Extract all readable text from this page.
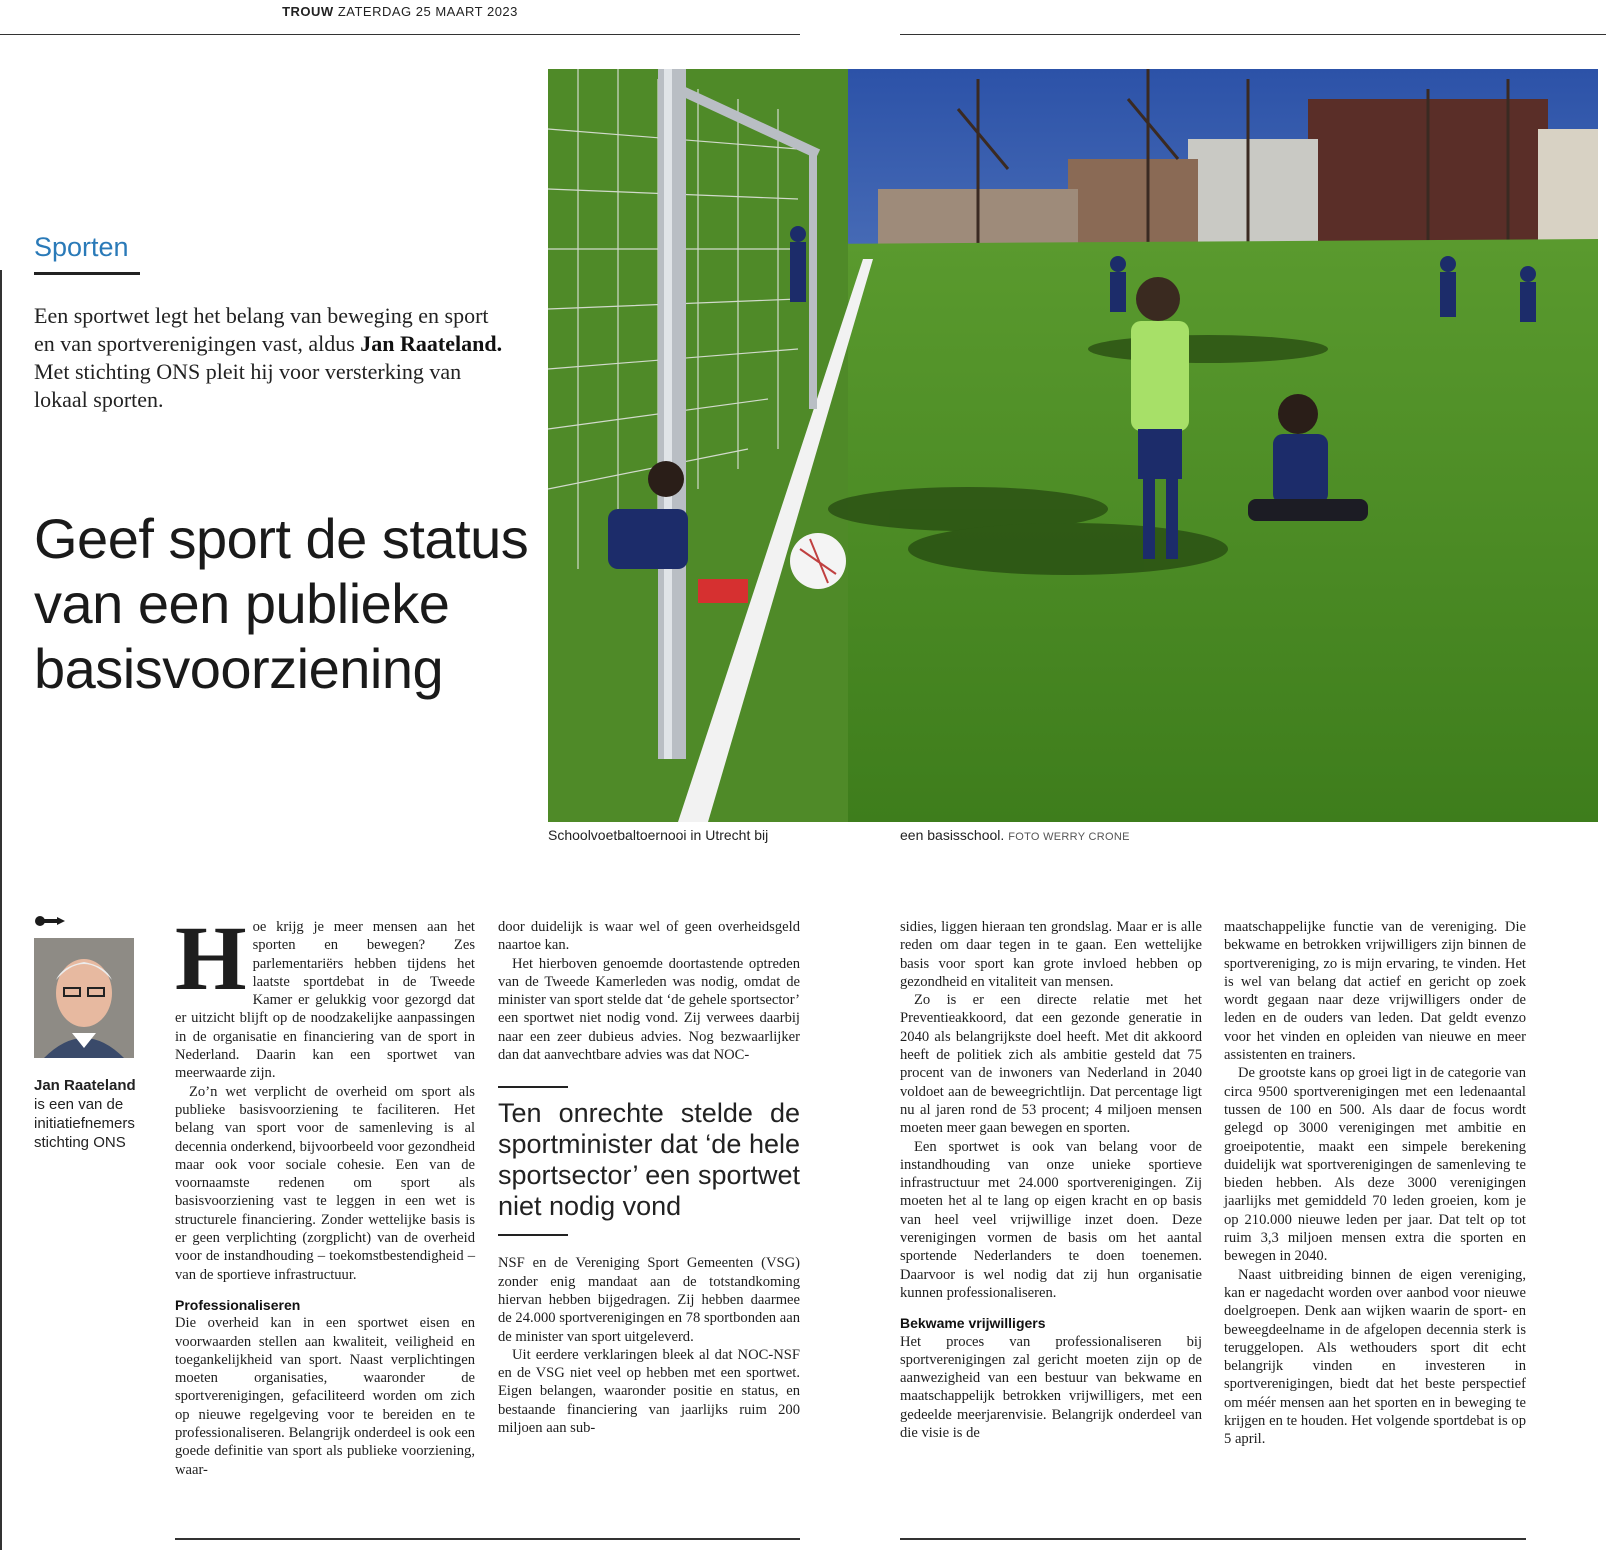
TROUW ZATERDAG 25 MAART 2023
Sporten
Een sportwet legt het belang van beweging en sport en van sportverenigingen vast, aldus Jan Raateland. Met stichting ONS pleit hij voor versterking van lokaal sporten.
Geef sport de status van een publieke basisvoorziening
Schoolvoetbaltoernooi in Utrecht bij	een basisschool. FOTO WERRY CRONE
Jan Raateland
is een van de initiatiefnemers stichting ONS

Hoe krijg je meer mensen aan het sporten en bewegen? Zes parlementariërs hebben tijdens het laatste sportdebat in de Tweede Kamer er gelukkig voor gezorgd dat er uitzicht blijft op de noodzakelijke aanpassingen in de organisatie en financiering van de sport in Nederland. Daarin kan een sportwet van meerwaarde zijn.

Zo’n wet verplicht de overheid om sport als publieke basisvoorziening te faciliteren. Het belang van sport voor de samenleving is al decennia onderkend, bijvoorbeeld voor gezondheid maar ook voor sociale cohesie. Een van de voornaamste redenen om sport als basisvoorziening vast te leggen in een wet is structurele financiering. Zonder wettelijke basis is er geen verplichting (zorgplicht) van de overheid voor de instandhouding – toekomstbestendigheid – van de sportieve infrastructuur.

Professionaliseren

Die overheid kan in een sportwet eisen en voorwaarden stellen aan kwaliteit, veiligheid en toegankelijkheid van sport. Naast verplichtingen moeten organisaties, waaronder de sportverenigingen, gefaciliteerd worden om zich op nieuwe regelgeving voor te bereiden en te professionaliseren. Belangrijk onderdeel is ook een goede definitie van sport als publieke voorziening, waar-

door duidelijk is waar wel of geen overheidsgeld naartoe kan.

Het hierboven genoemde doortastende optreden van de Tweede Kamerleden was nodig, omdat de minister van sport stelde dat ‘de gehele sportsector’ een sportwet niet nodig vond. Zij verwees daarbij naar een zeer dubieus advies. Nog bezwaarlijker dan dat aanvechtbare advies was dat NOC-

Ten onrechte stelde de sportminister dat ‘de hele sportsector’ een sportwet niet nodig vond

NSF en de Vereniging Sport Gemeenten (VSG) zonder enig mandaat aan de totstandkoming hiervan hebben bijgedragen. Zij hebben daarmee de 24.000 sportverenigingen en 78 sportbonden aan de minister van sport uitgeleverd.

Uit eerdere verklaringen bleek al dat NOC-NSF en de VSG niet veel op hebben met een sportwet. Eigen belangen, waaronder positie en status, en bestaande financiering van jaarlijks ruim 200 miljoen aan sub-

sidies, liggen hieraan ten grondslag. Maar er is alle reden om daar tegen in te gaan. Een wettelijke basis voor sport kan grote invloed hebben op gezondheid en vitaliteit van mensen.

Zo is er een directe relatie met het Preventieakkoord, dat een gezonde generatie in 2040 als belangrijkste doel heeft. Met dit akkoord heeft de politiek zich als ambitie gesteld dat 75 procent van de inwoners van Nederland in 2040 voldoet aan de beweegrichtlijn. Dat percentage ligt nu al jaren rond de 53 procent; 4 miljoen mensen moeten meer gaan bewegen en sporten.

Een sportwet is ook van belang voor de instandhouding van onze unieke sportieve infrastructuur met 24.000 sportverenigingen. Zij moeten het al te lang op eigen kracht en op basis van heel veel vrijwillige inzet doen. Deze verenigingen vormen de basis om het aantal sportende Nederlanders te doen toenemen. Daarvoor is wel nodig dat zij hun organisatie kunnen professionaliseren.

Bekwame vrijwilligers

Het proces van professionaliseren bij sportverenigingen zal gericht moeten zijn op de aanwezigheid van een bestuur van bekwame en maatschappelijk betrokken vrijwilligers, met een gedeelde meerjarenvisie. Belangrijk onderdeel van die visie is de

maatschappelijke functie van de vereniging. Die bekwame en betrokken vrijwilligers zijn binnen de sportvereniging, zo is mijn ervaring, te vinden. Het is wel van belang dat actief en gericht op zoek wordt gegaan naar deze vrijwilligers onder de leden en de ouders van leden. Dat geldt evenzo voor het vinden en opleiden van nieuwe en meer assistenten en trainers.

De grootste kans op groei ligt in de categorie van circa 9500 sportverenigingen met een ledenaantal tussen de 100 en 500. Als daar de focus wordt gelegd op 3000 verenigingen met ambitie en groeipotentie, maakt een simpele berekening duidelijk wat sportverenigingen de samenleving te bieden hebben. Als deze 3000 verenigingen jaarlijks met gemiddeld 70 leden groeien, kom je op 210.000 nieuwe leden per jaar. Dat telt op tot ruim 3,3 miljoen mensen extra die sporten en bewegen in 2040.

Naast uitbreiding binnen de eigen vereniging, kan er nagedacht worden over aanbod voor nieuwe doelgroepen. Denk aan wijken waarin de sport- en beweegdeelname in de afgelopen decennia sterk is teruggelopen. Als wethouders sport dit echt belangrijk vinden en investeren in sportverenigingen, biedt dat het beste perspectief om méér mensen aan het sporten en in beweging te krijgen en te houden. Het volgende sportdebat is op 5 april.
